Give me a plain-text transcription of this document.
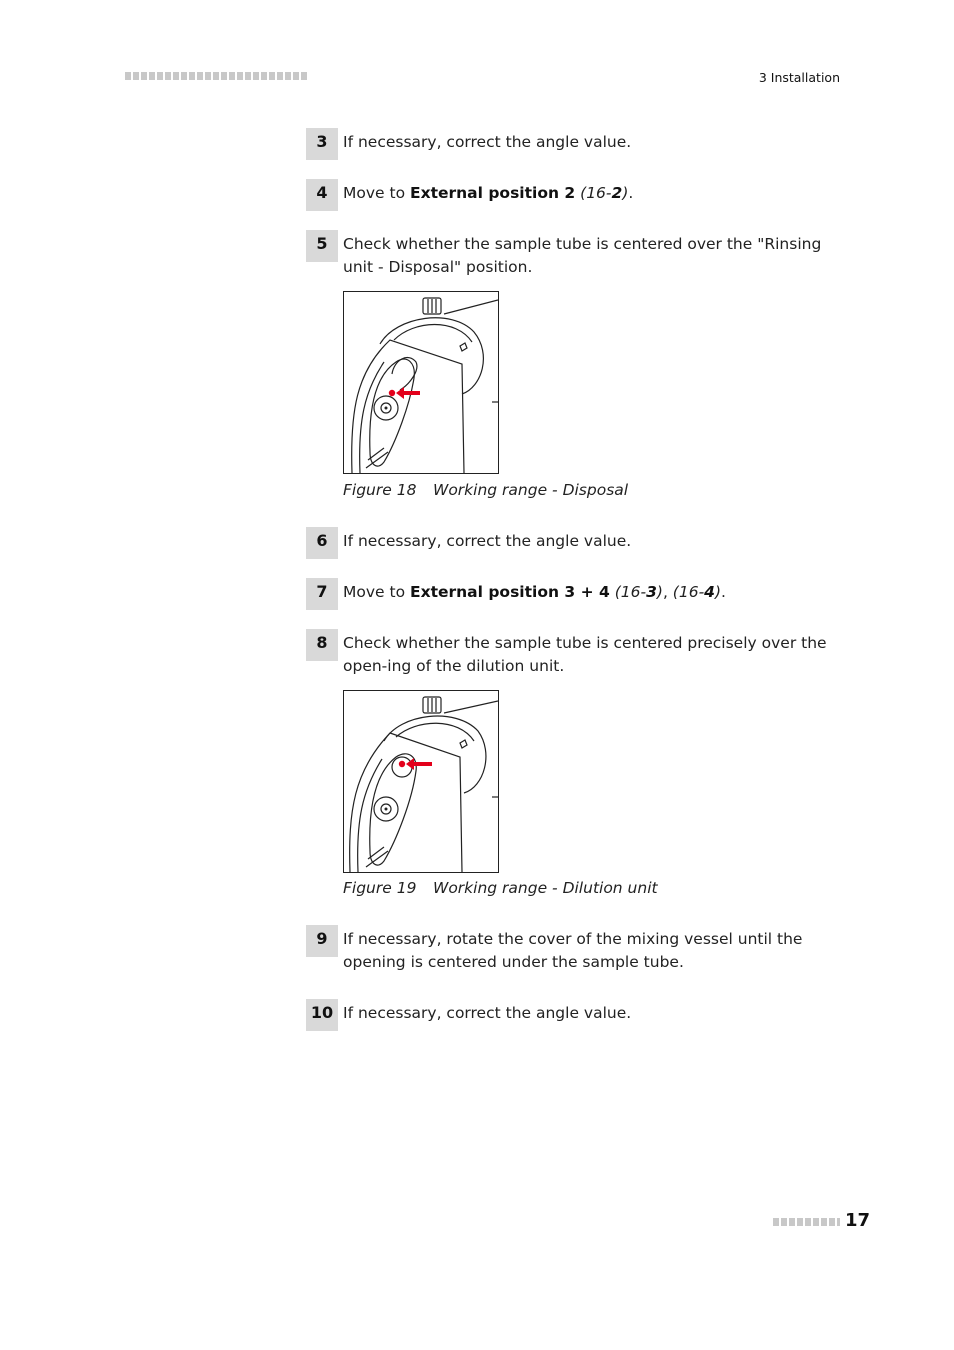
3 Installation
3 If necessary, correct the angle value.
4 Move to External position 2 (16-2).
5 Check whether the sample tube is centered over the "Rinsing unit - Disposal" position.
Figure 18 Working range - Disposal
6 If necessary, correct the angle value.
7 Move to External position 3 + 4 (16-3), (16-4).
8 Check whether the sample tube is centered precisely over the open-ing of the dilution unit.
Figure 19 Working range - Dilution unit
9 If necessary, rotate the cover of the mixing vessel until the opening is centered under the sample tube.
10 If necessary, correct the angle value.
17
